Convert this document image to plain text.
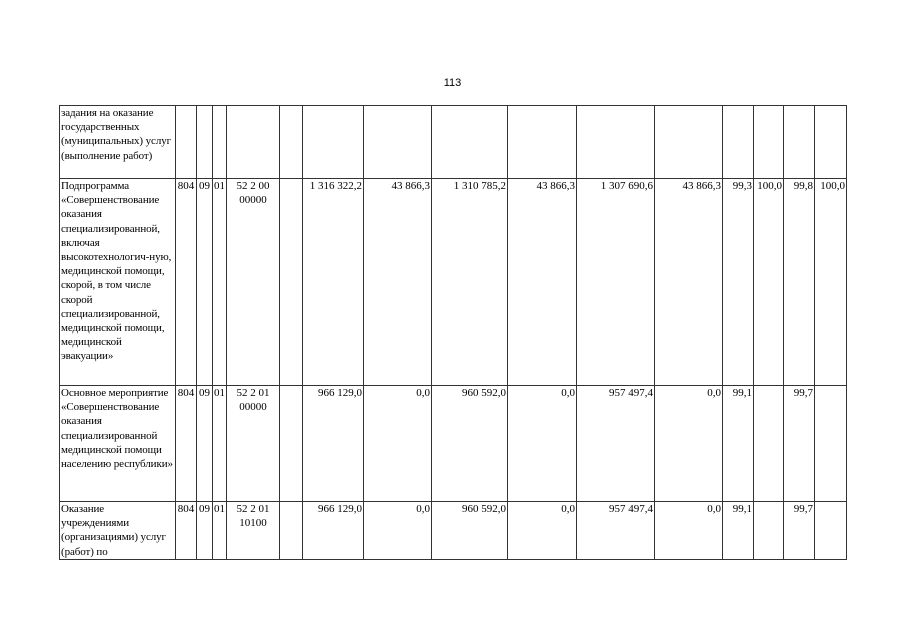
113
задания на оказание государственных (муниципальных) услуг (выполнение работ)															
Подпрограмма «Совершенствование оказания специализированной, включая высокотехнологич-ную, медицинской помощи, скорой, в том числе скорой специализированной, медицинской помощи, медицинской эвакуации»	804	09	01	52 2 00 00000		1 316 322,2	43 866,3	1 310 785,2	43 866,3	1 307 690,6	43 866,3	99,3	100,0	99,8	100,0
Основное мероприятие «Совершенствование оказания специализированной медицинской помощи населению республики»	804	09	01	52 2 01 00000		966 129,0	0,0	960 592,0	0,0	957 497,4	0,0	99,1		99,7	
Оказание учреждениями (организациями) услуг (работ) по	804	09	01	52 2 01 10100		966 129,0	0,0	960 592,0	0,0	957 497,4	0,0	99,1		99,7	
